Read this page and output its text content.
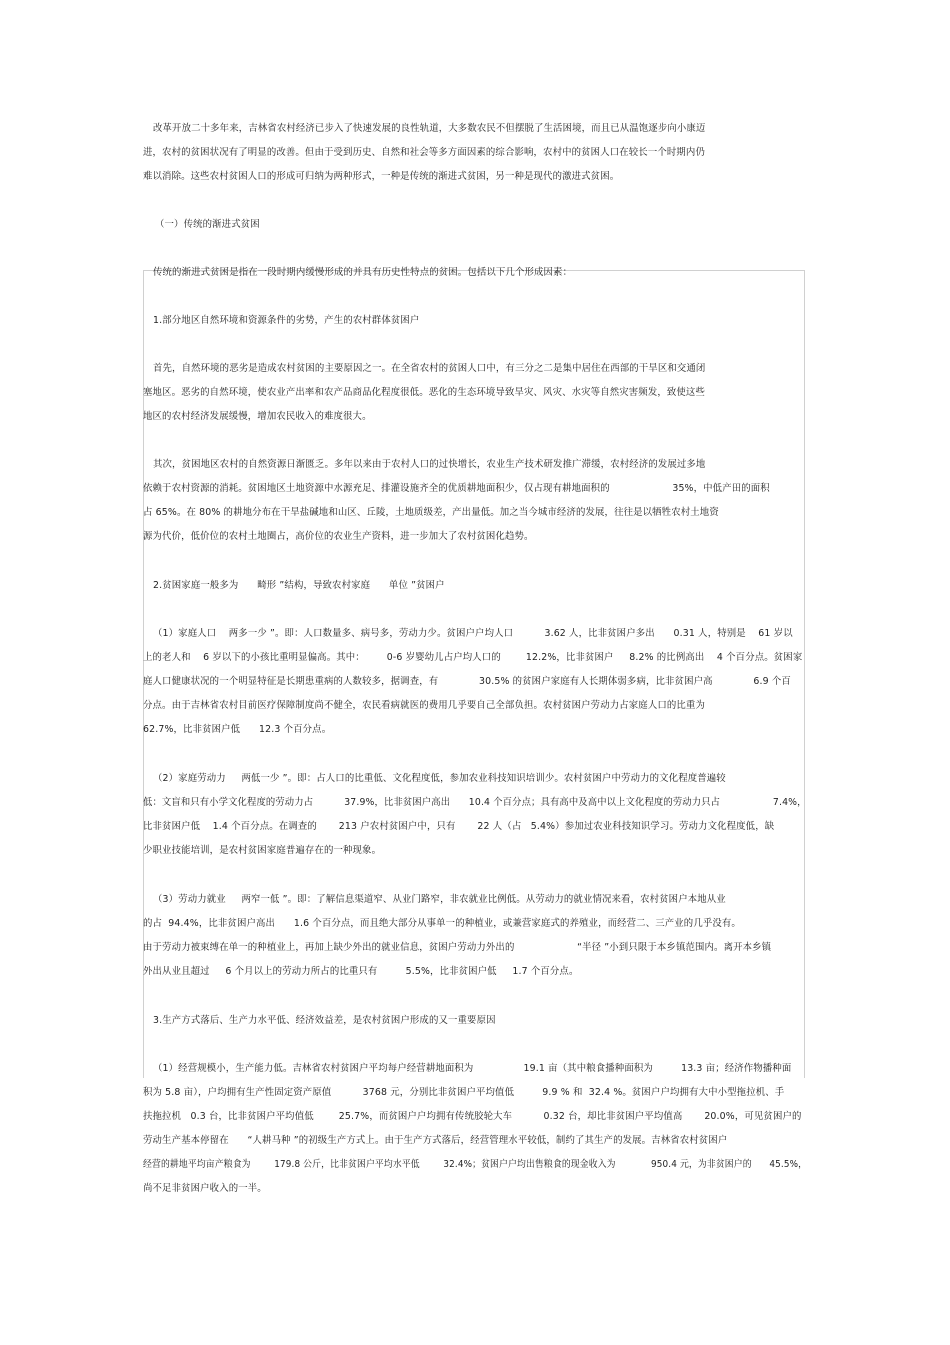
改革开放二十多年来，吉林省农村经济已步入了快速发展的良性轨道，大多数农民不但摆脱了生活困境，而且已从温饱逐步向小康迈
进，农村的贫困状况有了明显的改善。但由于受到历史、自然和社会等多方面因素的综合影响，农村中的贫困人口在较长一个时期内仍
难以消除。这些农村贫困人口的形成可归纳为两种形式，一种是传统的渐进式贫困，另一种是现代的激进式贫困。
（一）传统的渐进式贫困
传统的渐进式贫困是指在一段时期内缓慢形成的并具有历史性特点的贫困。包括以下几个形成因素：
1.部分地区自然环境和资源条件的劣势，产生的农村群体贫困户
首先，自然环境的恶劣是造成农村贫困的主要原因之一。在全省农村的贫困人口中，有三分之二是集中居住在西部的干旱区和交通闭
塞地区。恶劣的自然环境，使农业产出率和农产品商品化程度很低。恶化的生态环境导致旱灾、风灾、水灾等自然灾害频发，致使这些
地区的农村经济发展缓慢，增加农民收入的难度很大。
其次，贫困地区农村的自然资源日渐匮乏。多年以来由于农村人口的过快增长，农业生产技术研发推广滞缓，农村经济的发展过多地
依赖于农村资源的消耗。贫困地区土地资源中水源充足、排灌设施齐全的优质耕地面积少，仅占现有耕地面积的                    35%，中低产田的面积
占 65%。在 80% 的耕地分布在干旱盐碱地和山区、丘陵，土地质级差，产出量低。加之当今城市经济的发展，往往是以牺牲农村土地资
源为代价，低价位的农村土地圈占，高价位的农业生产资料，进一步加大了农村贫困化趋势。
2.贫困家庭一般多为      畸形 ”结构，导致农村家庭      单位 ”贫困户
（1）家庭人口    两多一少 ”。即：人口数量多、病号多，劳动力少。贫困户户均人口          3.62 人，比非贫困户多出      0.31 人，特别是    61 岁以
上的老人和    6 岁以下的小孩比重明显偏高。其中：       0-6 岁婴幼儿占户均人口的        12.2%，比非贫困户     8.2% 的比例高出    4 个百分点。贫困家
庭人口健康状况的一个明显特征是长期患重病的人数较多，据调查，有             30.5% 的贫困户家庭有人长期体弱多病，比非贫困户高             6.9 个百
分点。由于吉林省农村目前医疗保障制度尚不健全，农民看病就医的费用几乎要自己全部负担。农村贫困户劳动力占家庭人口的比重为
62.7%，比非贫困户低      12.3 个百分点。
（2）家庭劳动力     两低一少 ”。即：占人口的比重低、文化程度低，参加农业科技知识培训少。农村贫困户中劳动力的文化程度普遍较
低：文盲和只有小学文化程度的劳动力占          37.9%，比非贫困户高出      10.4 个百分点；具有高中及高中以上文化程度的劳动力只占                 7.4%，
比非贫困户低    1.4 个百分点。在调查的       213 户农村贫困户中，只有       22 人（占   5.4%）参加过农业科技知识学习。劳动力文化程度低，缺
少职业技能培训，是农村贫困家庭普遍存在的一种现象。
（3）劳动力就业     两窄一低 ”。即：了解信息渠道窄、从业门路窄，非农就业比例低。从劳动力的就业情况来看，农村贫困户本地从业
的占  94.4%，比非贫困户高出      1.6 个百分点，而且绝大部分从事单一的种植业，或兼营家庭式的养殖业，而经营二、三产业的几乎没有。
由于劳动力被束缚在单一的种植业上，再加上缺少外出的就业信息，贫困户劳动力外出的                    “半径 ”小到只限于本乡镇范围内。离开本乡镇
外出从业且超过     6 个月以上的劳动力所占的比重只有         5.5%，比非贫困户低     1.7 个百分点。
3.生产方式落后、生产力水平低、经济效益差，是农村贫困户形成的又一重要原因
（1）经营规模小，生产能力低。吉林省农村贫困户平均每户经营耕地面积为                19.1 亩（其中粮食播种面积为         13.3 亩；经济作物播种面
积为 5.8 亩），户均拥有生产性固定资产原值          3768 元，分别比非贫困户平均值低         9.9 % 和  32.4 %。贫困户户均拥有大中小型拖拉机、手
扶拖拉机   0.3 台，比非贫困户平均值低        25.7%，而贫困户户均拥有传统胶轮大车          0.32 台，却比非贫困户平均值高       20.0%，可见贫困户的
劳动生产基本停留在      “人耕马种 ”的初级生产方式上。由于生产方式落后，经营管理水平较低，制约了其生产的发展。吉林省农村贫困户
经营的耕地平均亩产粮食为        179.8 公斤，比非贫困户平均水平低        32.4%；贫困户户均出售粮食的现金收入为            950.4 元，为非贫困户的      45.5%，
尚不足非贫困户收入的一半。
